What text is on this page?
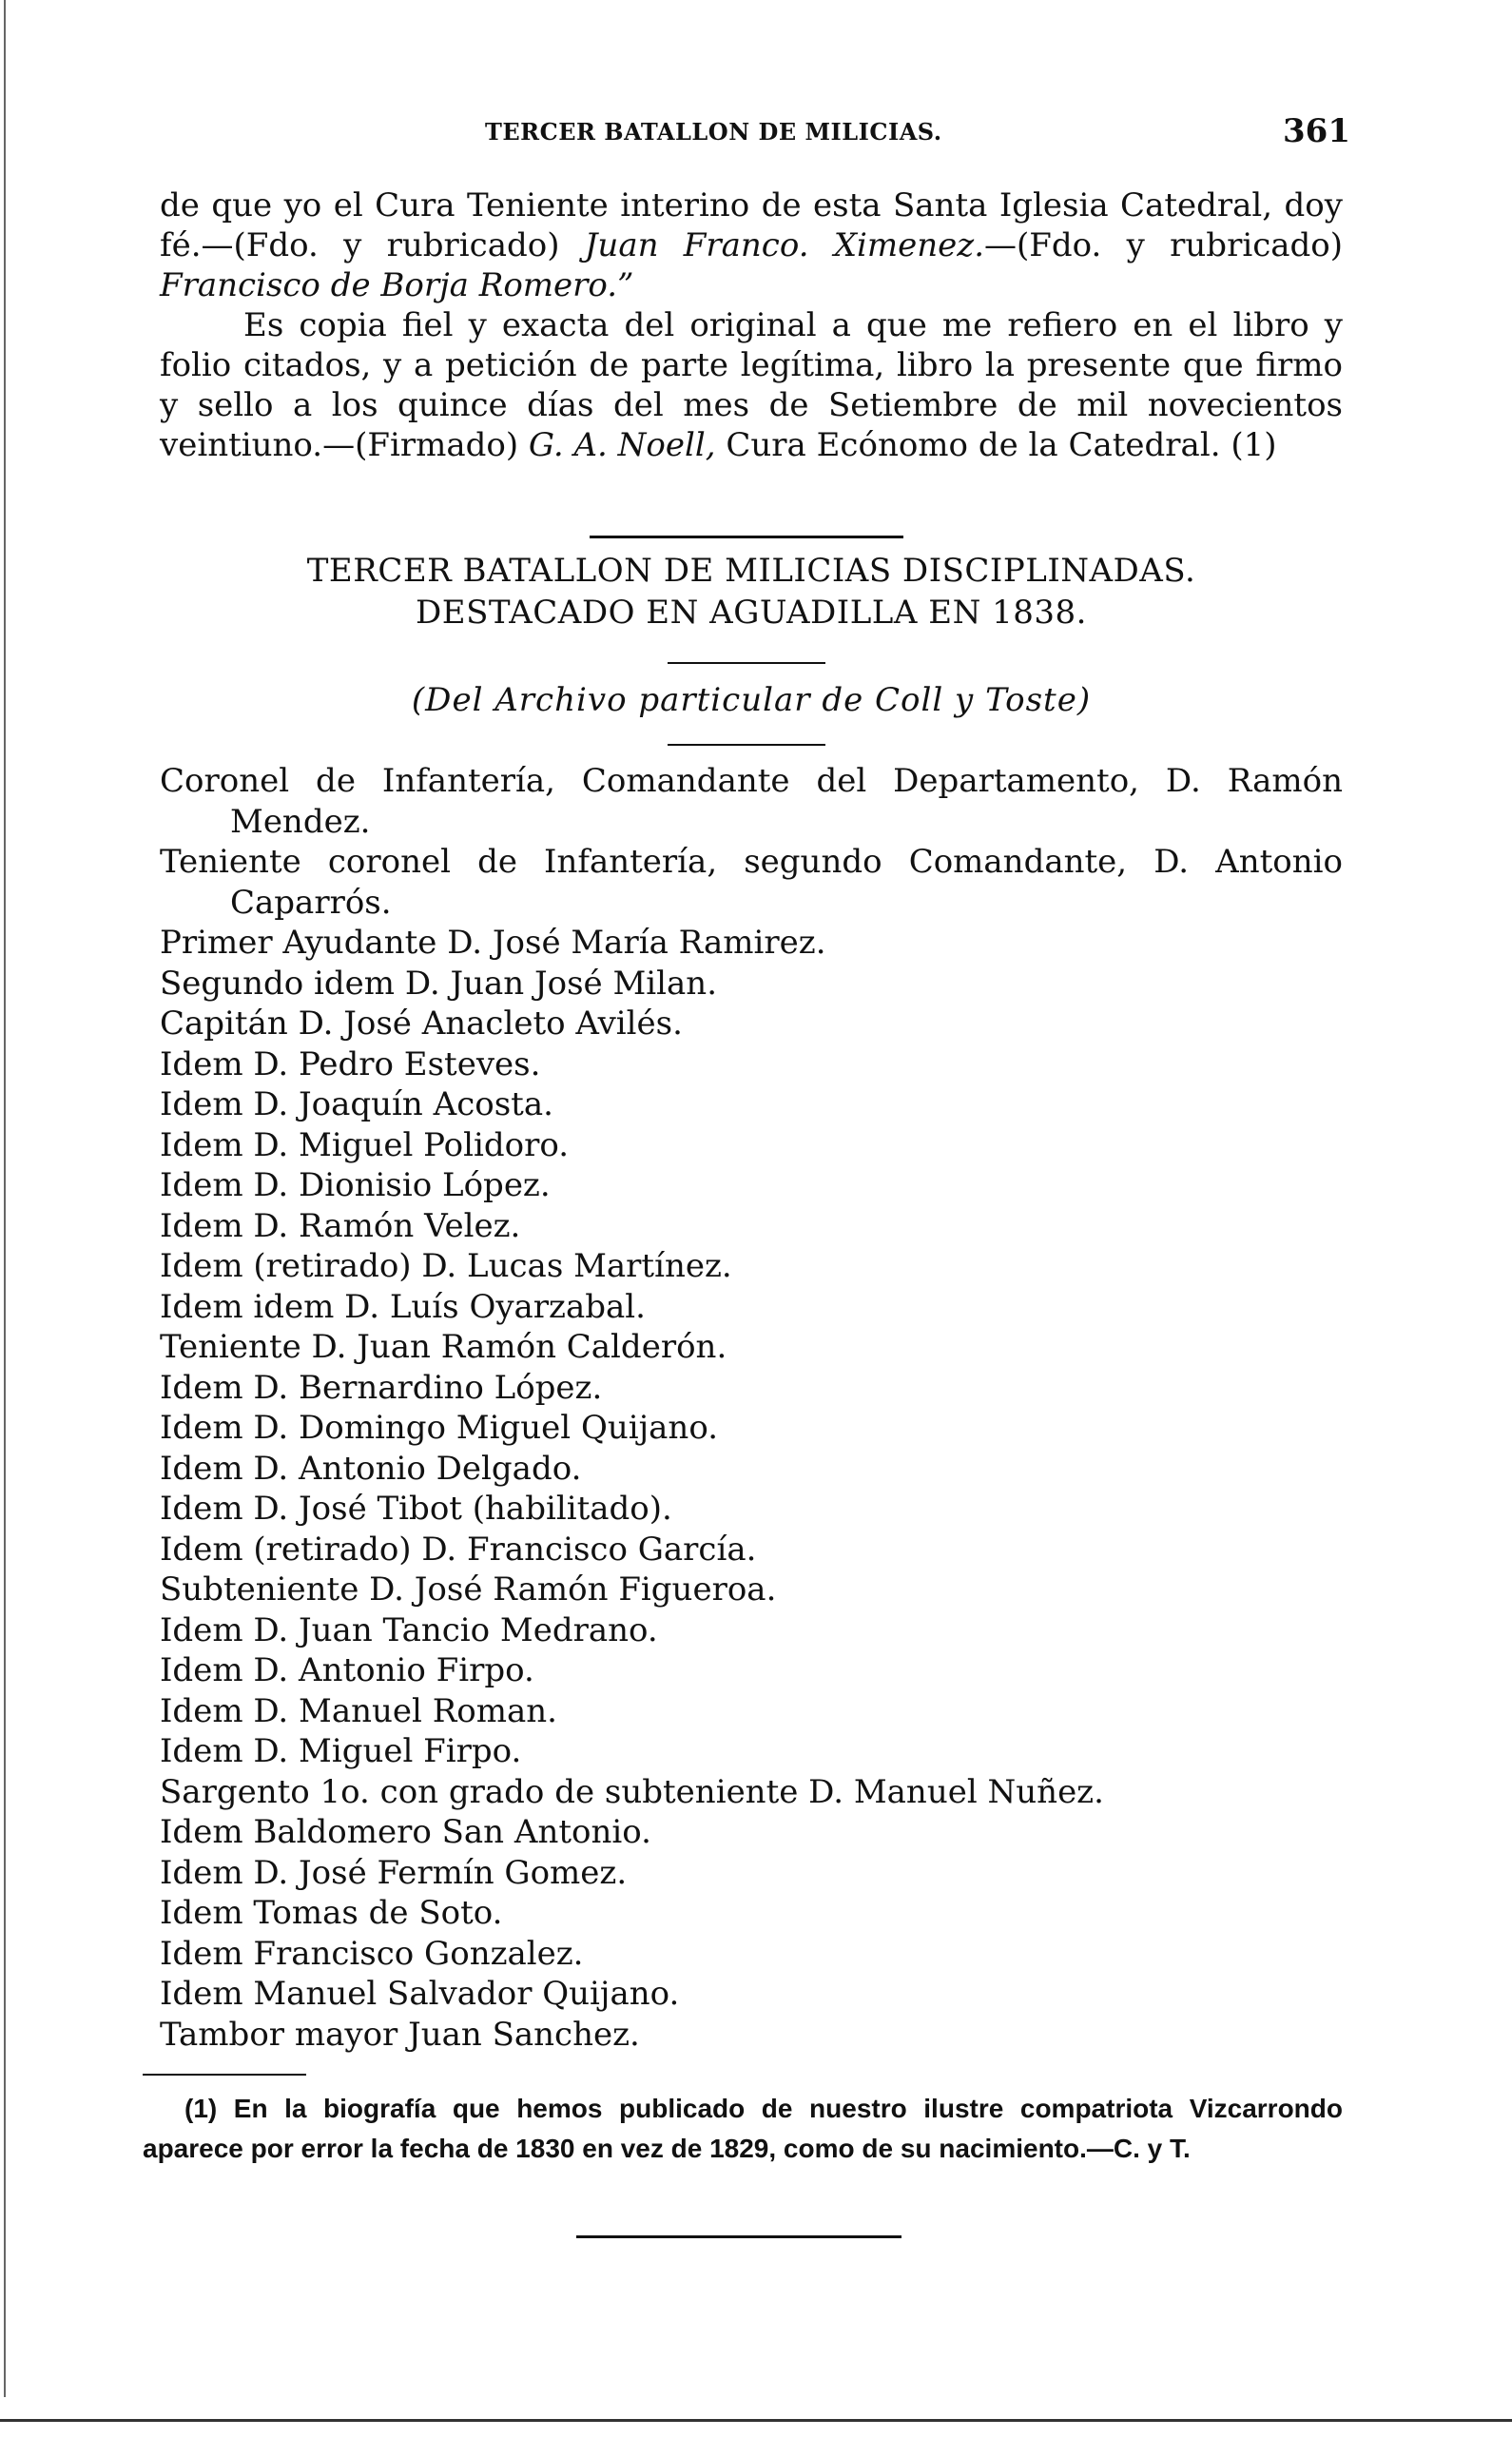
TERCER BATALLON DE MILICIAS.	361

de que yo el Cura Teniente interino de esta Santa Iglesia Catedral, doy fé.—(Fdo. y rubricado) Juan Franco. Ximenez.—(Fdo. y rubricado) Francisco de Borja Romero.”

Es copia fiel y exacta del original a que me refiero en el libro y folio citados, y a petición de parte legítima, libro la presente que firmo y sello a los quince días del mes de Setiembre de mil novecientos veintiuno.—(Firmado) G. A. Noell, Cura Ecónomo de la Catedral. (1)

TERCER BATALLON DE MILICIAS DISCIPLINADAS.
DESTACADO EN AGUADILLA EN 1838.
(Del Archivo particular de Coll y Toste)
Coronel de Infantería, Comandante del Departamento, D. Ramón Mendez.
Teniente coronel de Infantería, segundo Comandante, D. Antonio Caparrós.
Primer Ayudante D. José María Ramirez.
Segundo idem D. Juan José Milan.
Capitán D. José Anacleto Avilés.
Idem D. Pedro Esteves.
Idem D. Joaquín Acosta.
Idem D. Miguel Polidoro.
Idem D. Dionisio López.
Idem D. Ramón Velez.
Idem (retirado) D. Lucas Martínez.
Idem idem D. Luís Oyarzabal.
Teniente D. Juan Ramón Calderón.
Idem D. Bernardino López.
Idem D. Domingo Miguel Quijano.
Idem D. Antonio Delgado.
Idem D. José Tibot (habilitado).
Idem (retirado) D. Francisco García.
Subteniente D. José Ramón Figueroa.
Idem D. Juan Tancio Medrano.
Idem D. Antonio Firpo.
Idem D. Manuel Roman.
Idem D. Miguel Firpo.
Sargento 1o. con grado de subteniente D. Manuel Nuñez.
Idem Baldomero San Antonio.
Idem D. José Fermín Gomez.
Idem Tomas de Soto.
Idem Francisco Gonzalez.
Idem Manuel Salvador Quijano.
Tambor mayor Juan Sanchez.

(1) En la biografía que hemos publicado de nuestro ilustre compatriota Vizcarrondo aparece por error la fecha de 1830 en vez de 1829, como de su nacimiento.—C. y T.
